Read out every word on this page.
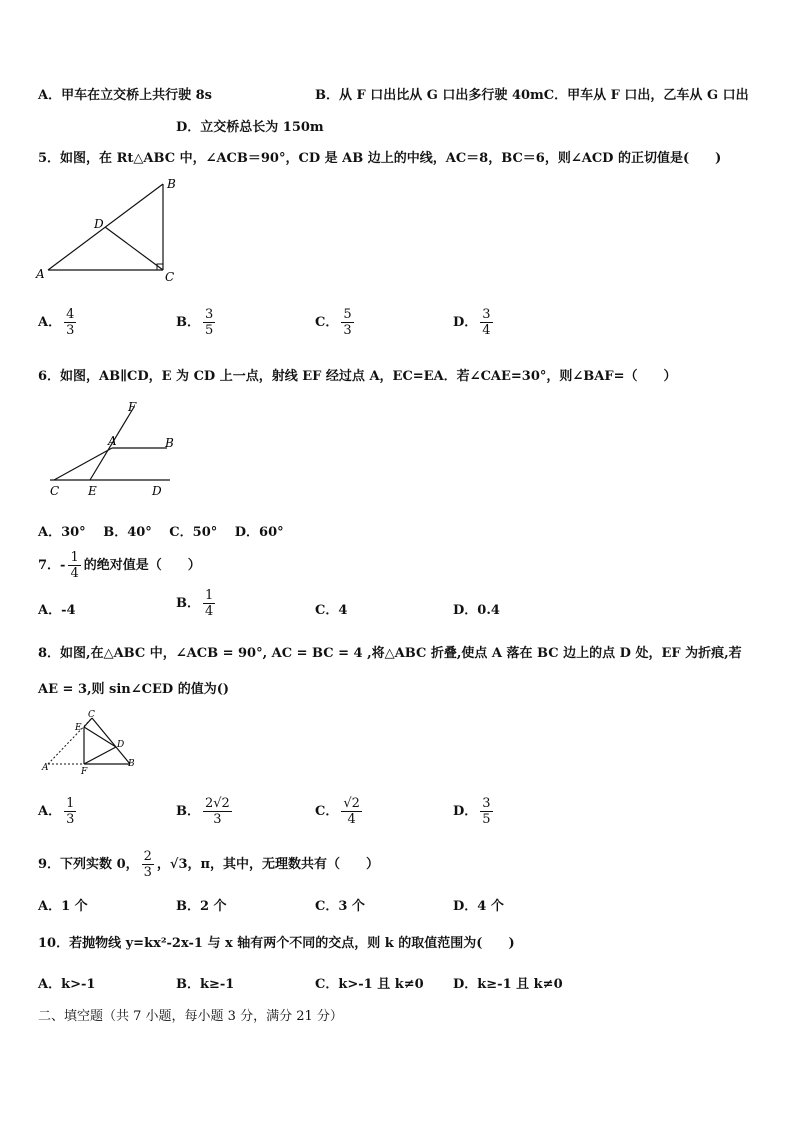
A．甲车在立交桥上共行驶 8s	B．从 F 口出比从 G 口出多行驶 40mC．甲车从 F 口出，乙车从 G 口出
D．立交桥总长为 150m
5．如图，在 Rt△ABC 中，∠ACB＝90°，CD 是 AB 边上的中线，AC＝8，BC＝6，则∠ACD 的正切值是(　　)
A
B
C
D
A． $\frac{4}{3}$	B． $\frac{3}{5}$	C． $\frac{5}{3}$	D． $\frac{3}{4}$
6．如图，AB∥CD，E 为 CD 上一点，射线 EF 经过点 A，EC=EA．若∠CAE=30°，则∠BAF=（　　）
F
A	B
C E	D
A．30°　 B．40°　 C．50°　 D．60°
7．- $\frac{1}{4}$ 的绝对值是（　　）
A．-4	B． $\frac{1}{4}$	C．4	D．0.4
8．如图,在△ABC 中，∠ACB = 90°, AC = BC = 4 ,将△ABC 折叠,使点 A 落在 BC 边上的点 D 处，EF 为折痕,若
AE = 3,则 sin∠CED 的值为()
C
E
D
A	F
B
A． $\frac{1}{3}$	B． $\frac{2√2}{3}$	C． $\frac{√2}{4}$	D． $\frac{3}{5}$
9．下列实数 0， $\frac{2}{3}$ ，√3，π，其中，无理数共有（　　）
A．1 个	B．2 个	C．3 个	D．4 个
10．若抛物线 y=kx²-2x-1 与 x 轴有两个不同的交点，则 k 的取值范围为(　　)
A．k>-1	B．k≥-1	C．k>-1 且 k≠0 D．k≥-1 且 k≠0
二、填空题（共 7 小题，每小题 3 分，满分 21 分）
